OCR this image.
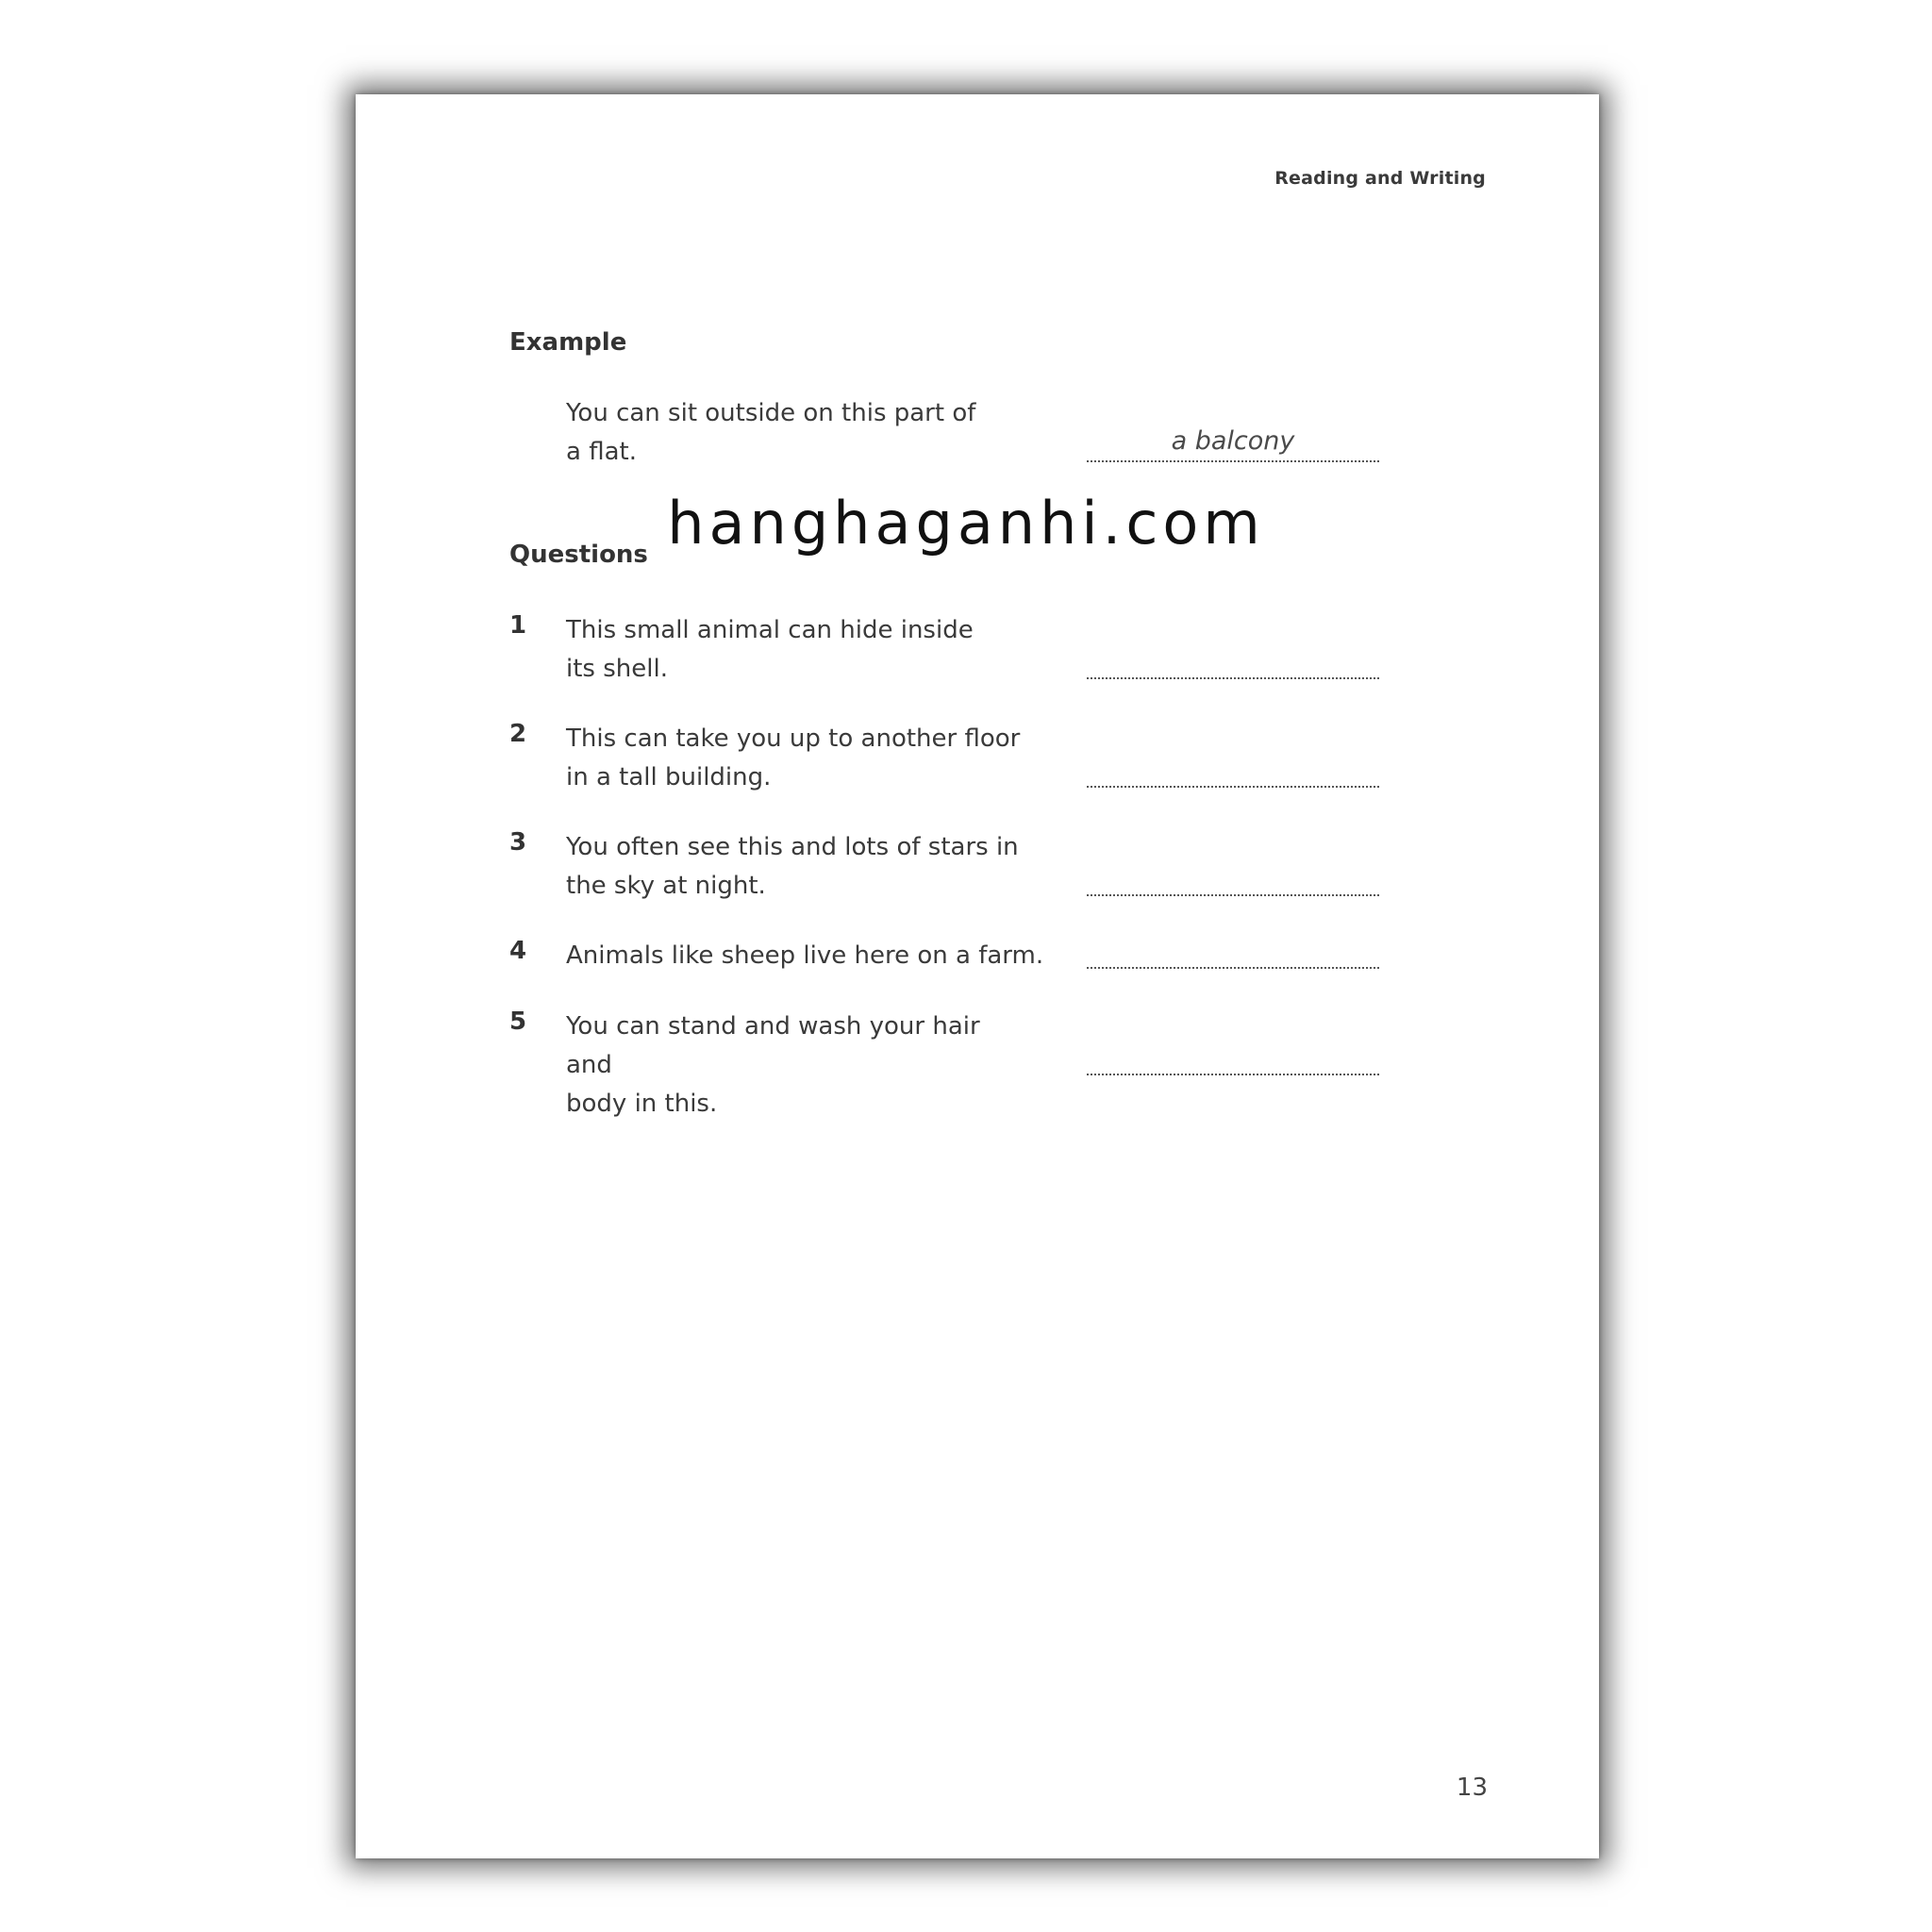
Reading and Writing
Example
You can sit outside on this part of
a flat.	a balcony
Questions
1 This small animal can hide inside
its shell.
2 This can take you up to another floor
in a tall building.
3 You often see this and lots of stars in
the sky at night.
4 Animals like sheep live here on a farm.
5 You can stand and wash your hair and
body in this.
13
hanghaganhi.com
